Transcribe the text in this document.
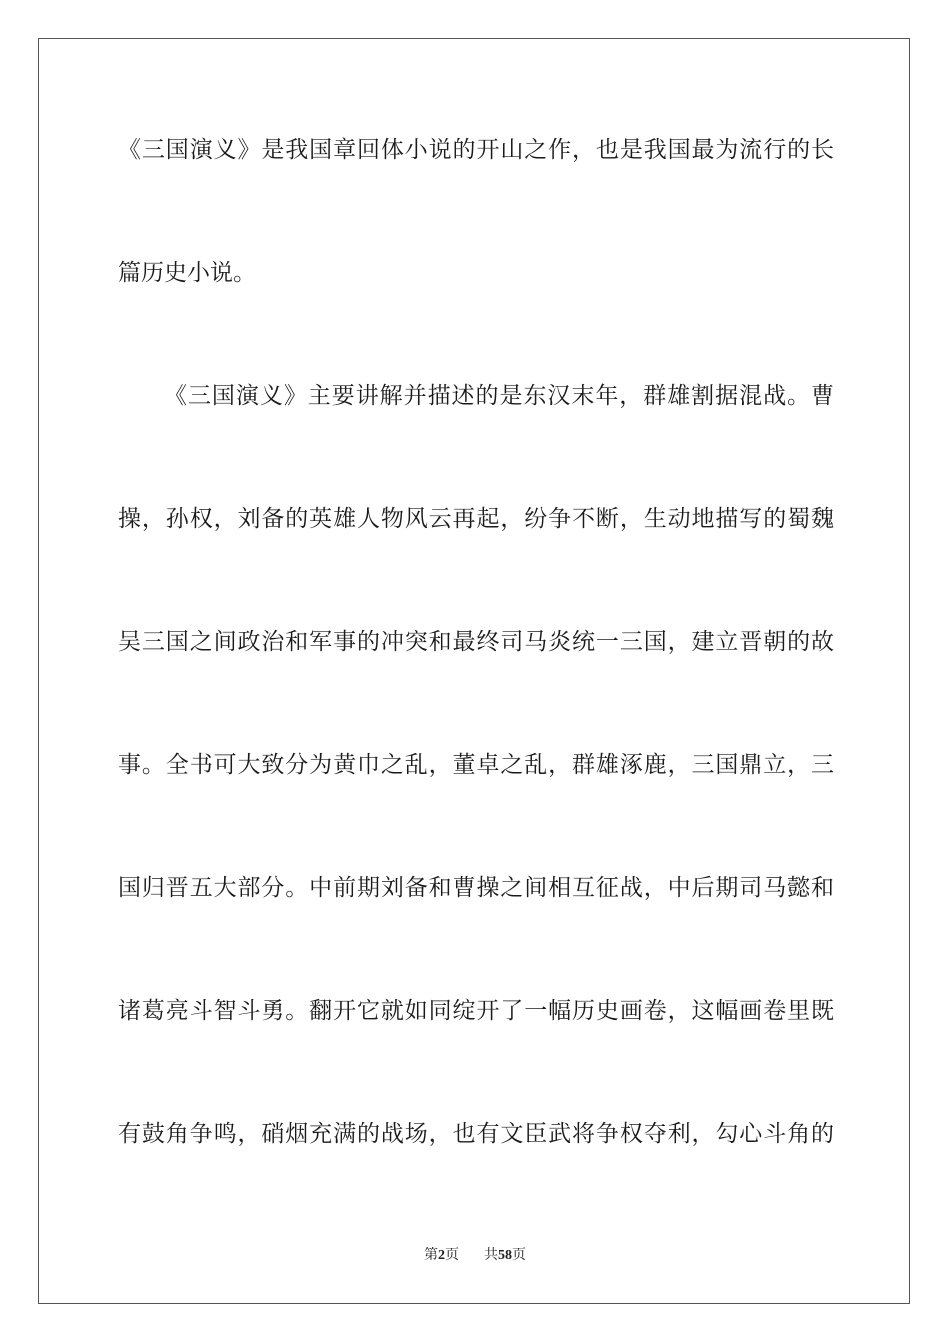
《三国演义》是我国章回体小说的开山之作，也是我国最为流行的长
篇历史小说。
《三国演义》主要讲解并描述的是东汉末年，群雄割据混战。曹
操，孙权，刘备的英雄人物风云再起，纷争不断，生动地描写的蜀魏
吴三国之间政治和军事的冲突和最终司马炎统一三国，建立晋朝的故
事。全书可大致分为黄巾之乱，董卓之乱，群雄涿鹿，三国鼎立，三
国归晋五大部分。中前期刘备和曹操之间相互征战，中后期司马懿和
诸葛亮斗智斗勇。翻开它就如同绽开了一幅历史画卷，这幅画卷里既
有鼓角争鸣，硝烟充满的战场，也有文臣武将争权夺利，勾心斗角的
第2页 共58页
